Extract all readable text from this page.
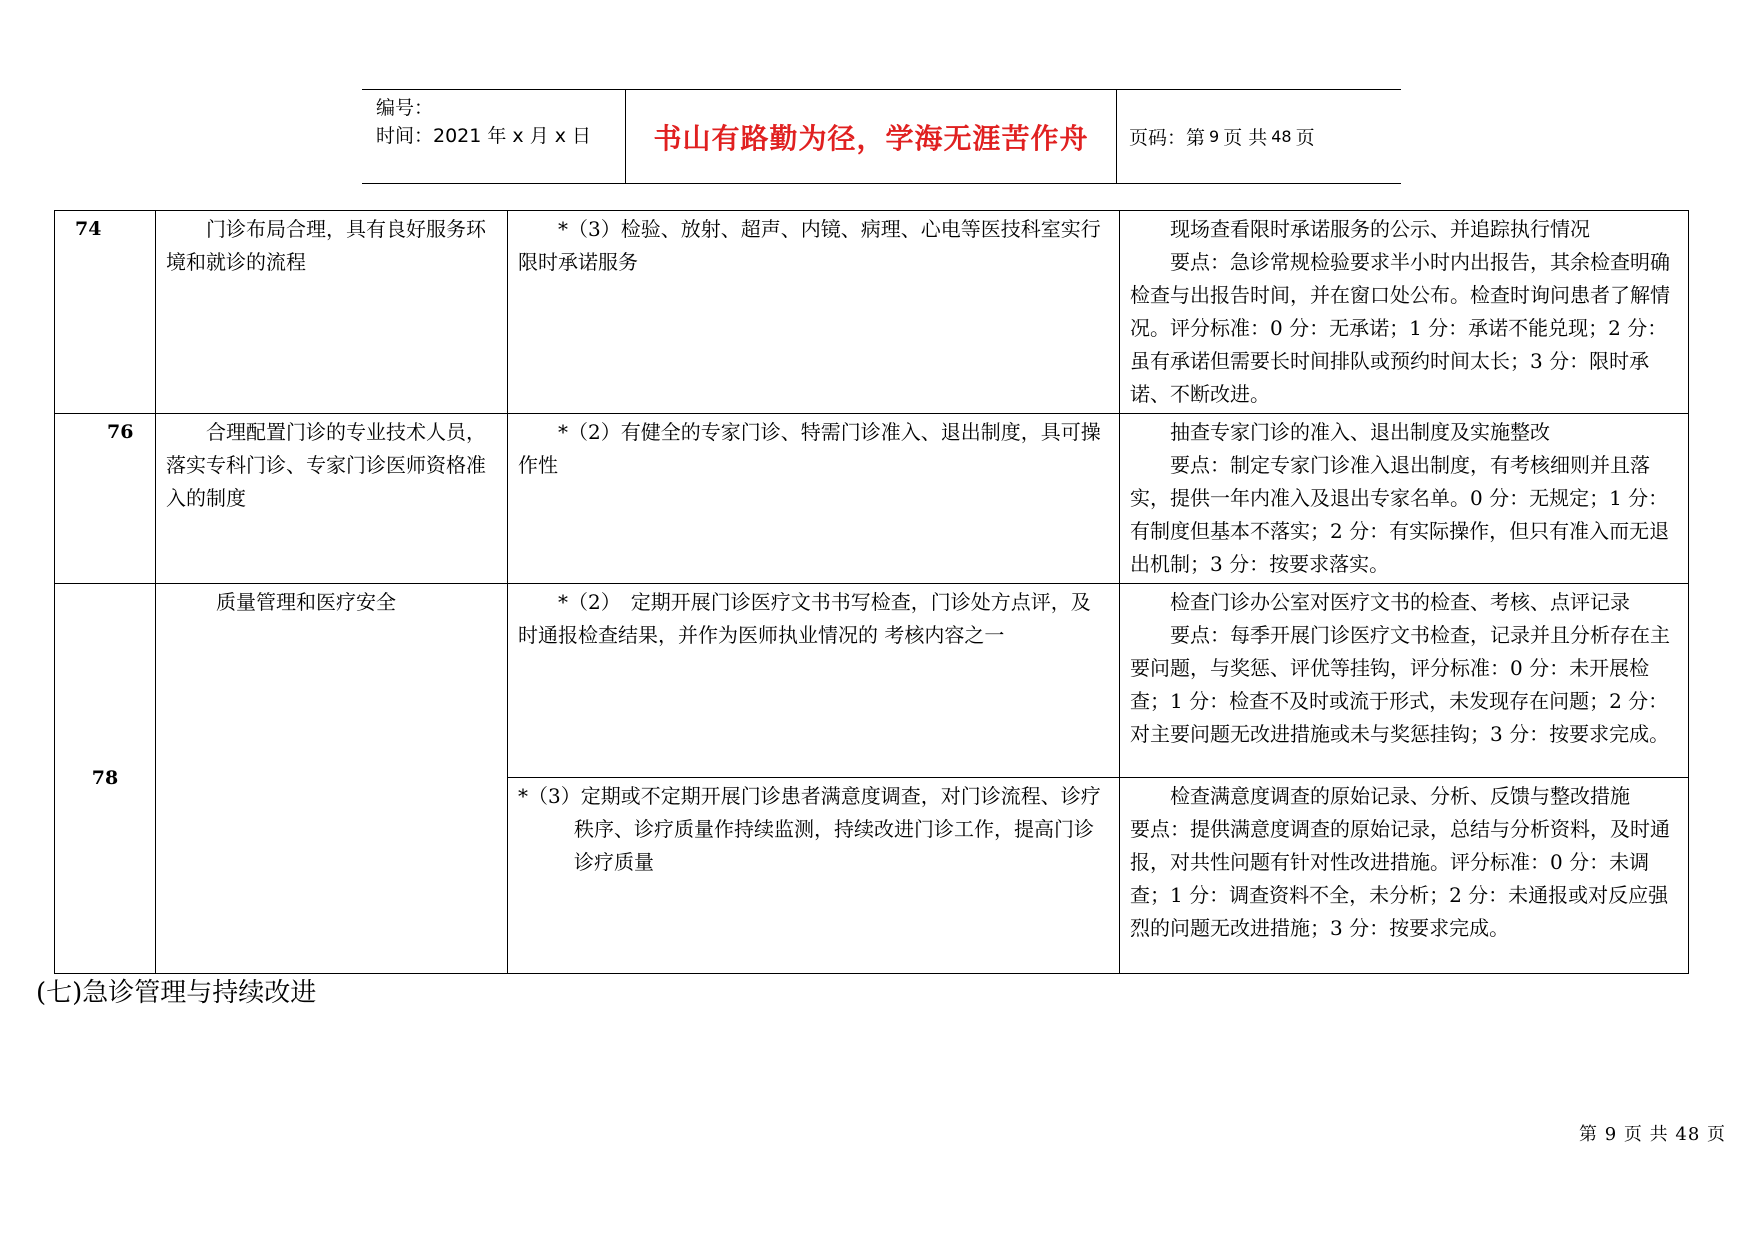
编号：
时间：2021 年 x 月 x 日	书山有路勤为径，学海无涯苦作舟	页码：第 9 页 共 48 页
74	门诊布局合理，具有良好服务环境和就诊的流程	*（3）检验、放射、超声、内镜、病理、心电等医技科室实行限时承诺服务	现场查看限时承诺服务的公示、并追踪执行情况

要点：急诊常规检验要求半小时内出报告，其余检查明确检查与出报告时间，并在窗口处公布。检查时询问患者了解情况。评分标准：0 分：无承诺；1 分：承诺不能兑现；2 分：虽有承诺但需要长时间排队或预约时间太长；3 分：限时承诺、不断改进。

76	合理配置门诊的专业技术人员，落实专科门诊、专家门诊医师资格准入的制度	*（2）有健全的专家门诊、特需门诊准入、退出制度，具可操作性	抽查专家门诊的准入、退出制度及实施整改

要点：制定专家门诊准入退出制度，有考核细则并且落实，提供一年内准入及退出专家名单。0 分：无规定；1 分：有制度但基本不落实；2 分：有实际操作，但只有准入而无退出机制；3 分：按要求落实。

78	质量管理和医疗安全	*（2）　定期开展门诊医疗文书书写检查，门诊处方点评，及时通报检查结果，并作为医师执业情况的 考核内容之一	检查门诊办公室对医疗文书的检查、考核、点评记录

要点：每季开展门诊医疗文书检查，记录并且分析存在主要问题，与奖惩、评优等挂钩，评分标准：0 分：未开展检查；1 分：检查不及时或流于形式，未发现存在问题；2 分：对主要问题无改进措施或未与奖惩挂钩；3 分：按要求完成。

		*（3）定期或不定期开展门诊患者满意度调查，对门诊流程、诊疗秩序、诊疗质量作持续监测，持续改进门诊工作，提高门诊诊疗质量	检查满意度调查的原始记录、分析、反馈与整改措施

要点：提供满意度调查的原始记录，总结与分析资料，及时通报，对共性问题有针对性改进措施。评分标准：0 分：未调查；1 分：调查资料不全，未分析；2 分：未通报或对反应强烈的问题无改进措施；3 分：按要求完成。

(七)急诊管理与持续改进
第 9 页 共 48 页
